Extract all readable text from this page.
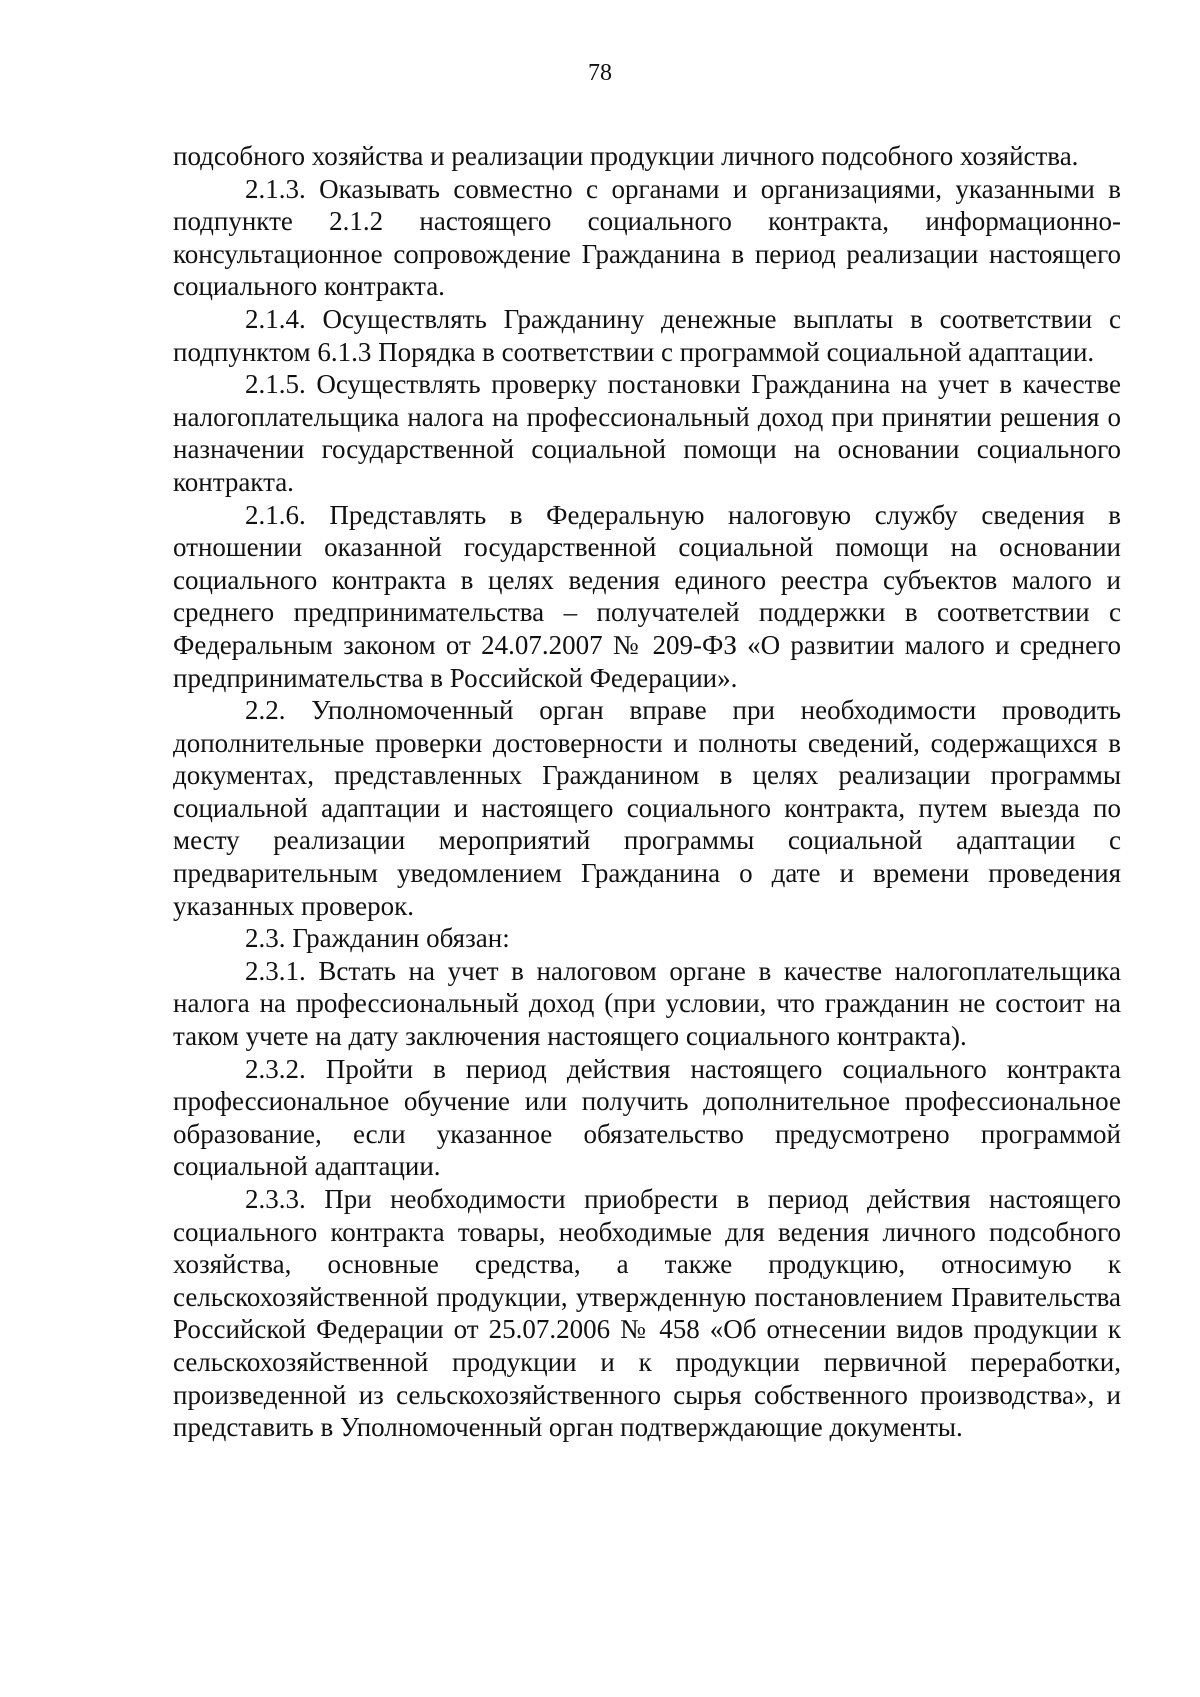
78

подсобного хозяйства и реализации продукции личного подсобного хозяйства.

2.1.3. Оказывать совместно с органами и организациями, указанными в подпункте 2.1.2 настоящего социального контракта, информационно-консультационное сопровождение Гражданина в период реализации настоящего социального контракта.

2.1.4. Осуществлять Гражданину денежные выплаты в соответствии с подпунктом 6.1.3 Порядка в соответствии с программой социальной адаптации.

2.1.5. Осуществлять проверку постановки Гражданина на учет в качестве налогоплательщика налога на профессиональный доход при принятии решения о назначении государственной социальной помощи на основании социального контракта.

2.1.6. Представлять в Федеральную налоговую службу сведения в отношении оказанной государственной социальной помощи на основании социального контракта в целях ведения единого реестра субъектов малого и среднего предпринимательства – получателей поддержки в соответствии с Федеральным законом от 24.07.2007 № 209-ФЗ «О развитии малого и среднего предпринимательства в Российской Федерации».

2.2. Уполномоченный орган вправе при необходимости проводить дополнительные проверки достоверности и полноты сведений, содержащихся в документах, представленных Гражданином в целях реализации программы социальной адаптации и настоящего социального контракта, путем выезда по месту реализации мероприятий программы социальной адаптации с предварительным уведомлением Гражданина о дате и времени проведения указанных проверок.

2.3. Гражданин обязан:

2.3.1. Встать на учет в налоговом органе в качестве налогоплательщика налога на профессиональный доход (при условии, что гражданин не состоит на таком учете на дату заключения настоящего социального контракта).

2.3.2. Пройти в период действия настоящего социального контракта профессиональное обучение или получить дополнительное профессиональное образование, если указанное обязательство предусмотрено программой социальной адаптации.

2.3.3. При необходимости приобрести в период действия настоящего социального контракта товары, необходимые для ведения личного подсобного хозяйства, основные средства, а также продукцию, относимую к сельскохозяйственной продукции, утвержденную постановлением Правительства Российской Федерации от 25.07.2006 № 458 «Об отнесении видов продукции к сельскохозяйственной продукции и к продукции первичной переработки, произведенной из сельскохозяйственного сырья собственного производства», и представить в Уполномоченный орган подтверждающие документы.
